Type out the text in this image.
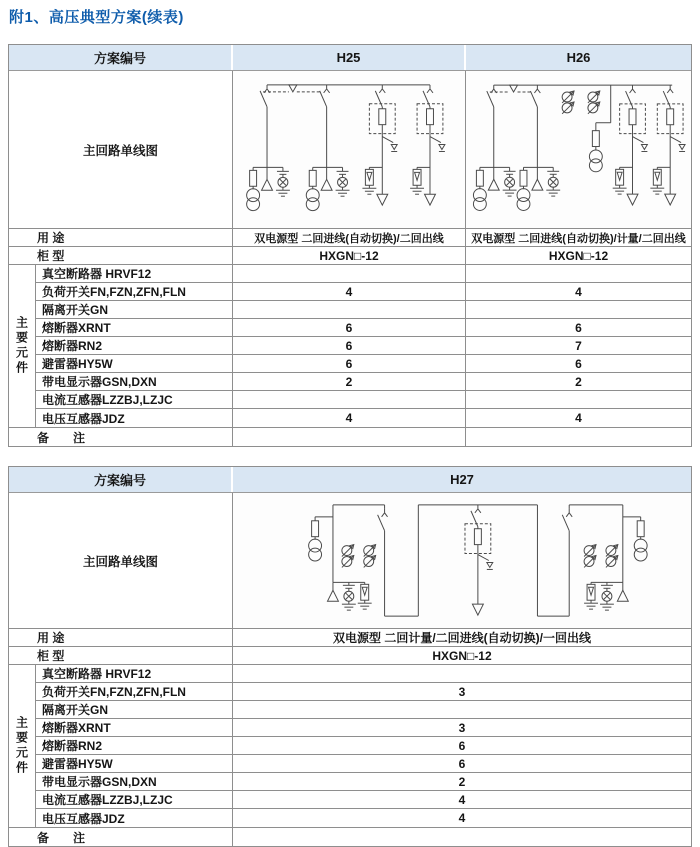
附1、高压典型方案(续表)
方案编号	H25	H26
主回路单线图
用 途	双电源型 二回进线(自动切换)/二回出线	双电源型 二回进线(自动切换)/计量/二回出线
柜 型	HXGN□-12	HXGN□-12
主要元件
真空断路器 HRVF12
负荷开关FN,FZN,ZFN,FLN	4	4
隔离开关GN
熔断器XRNT	6	6
熔断器RN2	6	7
避雷器HY5W	6	6
带电显示器GSN,DXN	2	2
电流互感器LZZBJ,LZJC
电压互感器JDZ	4	4
备　　注
方案编号	H27
主回路单线图
用 途	双电源型 二回计量/二回进线(自动切换)/一回出线
柜 型	HXGN□-12
主要元件
真空断路器 HRVF12
负荷开关FN,FZN,ZFN,FLN	3
隔离开关GN
熔断器XRNT	3
熔断器RN2	6
避雷器HY5W	6
带电显示器GSN,DXN	2
电流互感器LZZBJ,LZJC	4
电压互感器JDZ	4
备　　注
